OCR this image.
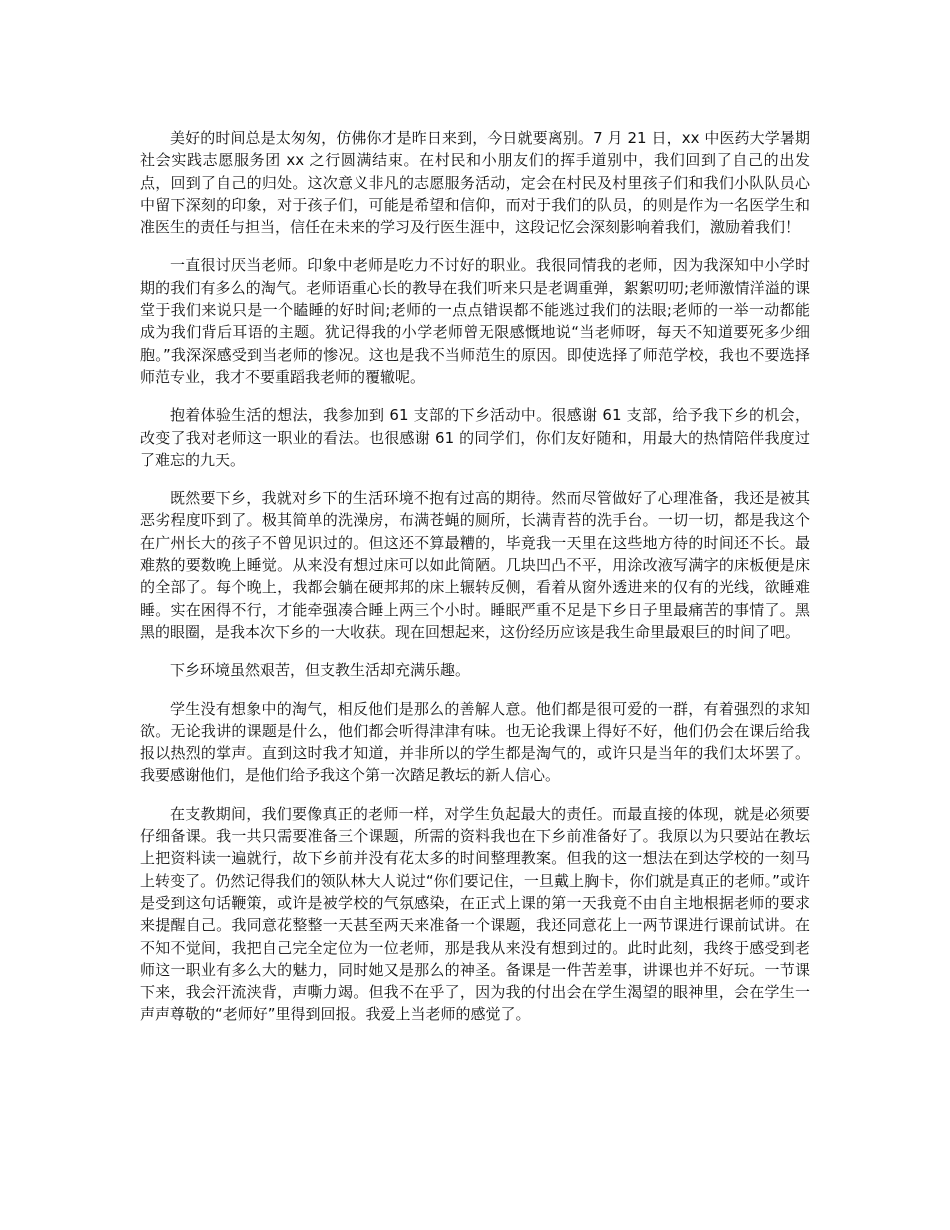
美好的时间总是太匆匆，仿佛你才是昨日来到，今日就要离别。7 月 21 日，xx 中医药大学暑期社会实践志愿服务团 xx 之行圆满结束。在村民和小朋友们的挥手道别中，我们回到了自己的出发点，回到了自己的归处。这次意义非凡的志愿服务活动，定会在村民及村里孩子们和我们小队队员心中留下深刻的印象，对于孩子们，可能是希望和信仰，而对于我们的队员，的则是作为一名医学生和准医生的责任与担当，信任在未来的学习及行医生涯中，这段记忆会深刻影响着我们，激励着我们！

一直很讨厌当老师。印象中老师是吃力不讨好的职业。我很同情我的老师，因为我深知中小学时期的我们有多么的淘气。老师语重心长的教导在我们听来只是老调重弹，絮絮叨叨;老师激情洋溢的课堂于我们来说只是一个瞌睡的好时间;老师的一点点错误都不能逃过我们的法眼;老师的一举一动都能成为我们背后耳语的主题。犹记得我的小学老师曾无限感慨地说“当老师呀，每天不知道要死多少细胞。”我深深感受到当老师的惨况。这也是我不当师范生的原因。即使选择了师范学校，我也不要选择师范专业，我才不要重蹈我老师的覆辙呢。

抱着体验生活的想法，我参加到 61 支部的下乡活动中。很感谢 61 支部，给予我下乡的机会，改变了我对老师这一职业的看法。也很感谢 61 的同学们，你们友好随和，用最大的热情陪伴我度过了难忘的九天。

既然要下乡，我就对乡下的生活环境不抱有过高的期待。然而尽管做好了心理准备，我还是被其恶劣程度吓到了。极其简单的洗澡房，布满苍蝇的厕所，长满青苔的洗手台。一切一切，都是我这个在广州长大的孩子不曾见识过的。但这还不算最糟的，毕竟我一天里在这些地方待的时间还不长。最难熬的要数晚上睡觉。从来没有想过床可以如此简陋。几块凹凸不平，用涂改液写满字的床板便是床的全部了。每个晚上，我都会躺在硬邦邦的床上辗转反侧，看着从窗外透进来的仅有的光线，欲睡难睡。实在困得不行，才能牵强凑合睡上两三个小时。睡眠严重不足是下乡日子里最痛苦的事情了。黑黑的眼圈，是我本次下乡的一大收获。现在回想起来，这份经历应该是我生命里最艰巨的时间了吧。

下乡环境虽然艰苦，但支教生活却充满乐趣。

学生没有想象中的淘气，相反他们是那么的善解人意。他们都是很可爱的一群，有着强烈的求知欲。无论我讲的课题是什么，他们都会听得津津有味。也无论我课上得好不好，他们仍会在课后给我报以热烈的掌声。直到这时我才知道，并非所以的学生都是淘气的，或许只是当年的我们太坏罢了。我要感谢他们，是他们给予我这个第一次踏足教坛的新人信心。

在支教期间，我们要像真正的老师一样，对学生负起最大的责任。而最直接的体现，就是必须要仔细备课。我一共只需要准备三个课题，所需的资料我也在下乡前准备好了。我原以为只要站在教坛上把资料读一遍就行，故下乡前并没有花太多的时间整理教案。但我的这一想法在到达学校的一刻马上转变了。仍然记得我们的领队林大人说过“你们要记住，一旦戴上胸卡，你们就是真正的老师。”或许是受到这句话鞭策，或许是被学校的气氛感染，在正式上课的第一天我竟不由自主地根据老师的要求来提醒自己。我同意花整整一天甚至两天来准备一个课题，我还同意花上一两节课进行课前试讲。在不知不觉间，我把自己完全定位为一位老师，那是我从来没有想到过的。此时此刻，我终于感受到老师这一职业有多么大的魅力，同时她又是那么的神圣。备课是一件苦差事，讲课也并不好玩。一节课下来，我会汗流浃背，声嘶力竭。但我不在乎了，因为我的付出会在学生渴望的眼神里，会在学生一声声尊敬的“老师好”里得到回报。我爱上当老师的感觉了。
